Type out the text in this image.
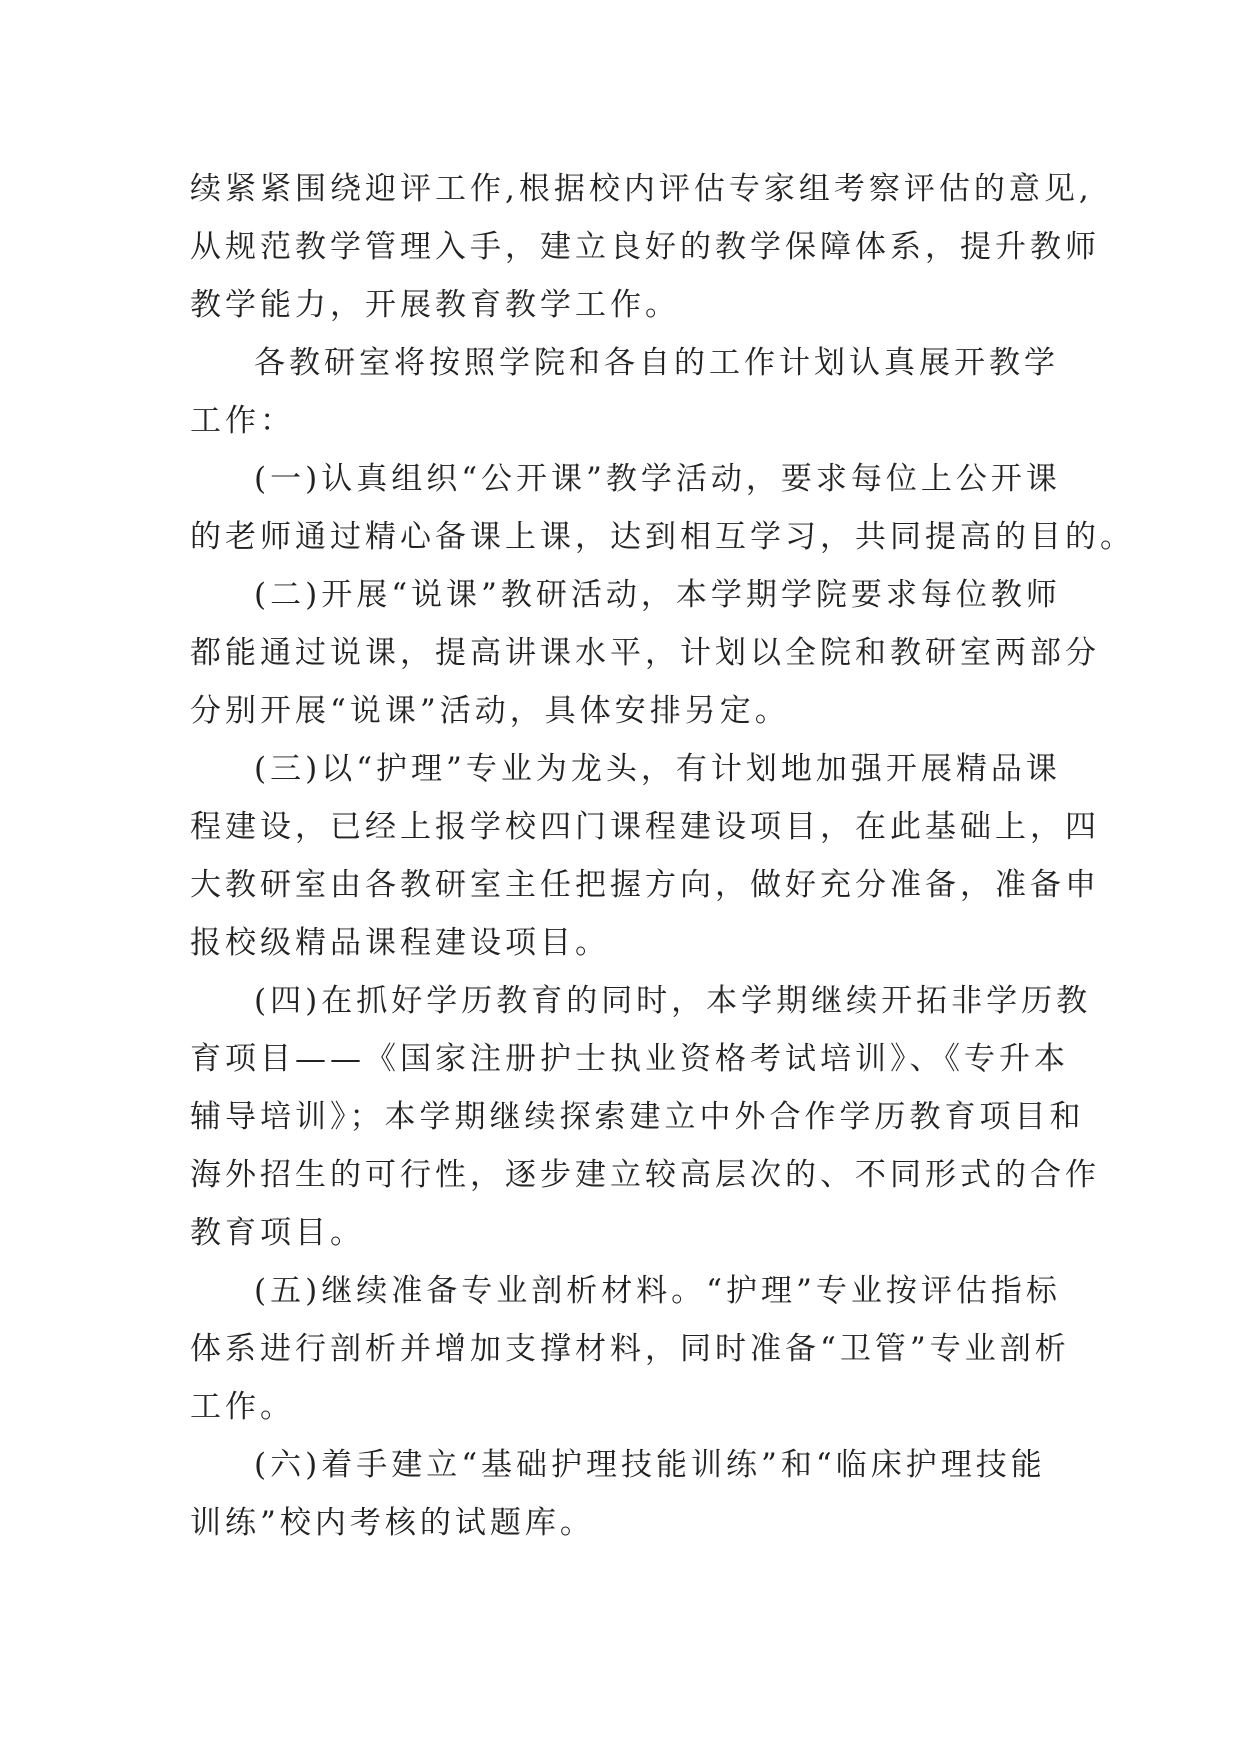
续紧紧围绕迎评工作,根据校内评估专家组考察评估的意见,
从规范教学管理入手，建立良好的教学保障体系，提升教师
教学能力，开展教育教学工作。
各教研室将按照学院和各自的工作计划认真展开教学
工作：
(一)认真组织“公开课”教学活动，要求每位上公开课
的老师通过精心备课上课，达到相互学习，共同提高的目的。
(二)开展“说课”教研活动，本学期学院要求每位教师
都能通过说课，提高讲课水平，计划以全院和教研室两部分
分别开展“说课”活动，具体安排另定。
(三)以“护理”专业为龙头，有计划地加强开展精品课
程建设，已经上报学校四门课程建设项目，在此基础上，四
大教研室由各教研室主任把握方向，做好充分准备，准备申
报校级精品课程建设项目。
(四)在抓好学历教育的同时，本学期继续开拓非学历教
育项目——《国家注册护士执业资格考试培训》、《专升本
辅导培训》；本学期继续探索建立中外合作学历教育项目和
海外招生的可行性，逐步建立较高层次的、不同形式的合作
教育项目。
(五)继续准备专业剖析材料。“护理”专业按评估指标
体系进行剖析并增加支撑材料，同时准备“卫管”专业剖析
工作。
(六)着手建立“基础护理技能训练”和“临床护理技能
训练”校内考核的试题库。
